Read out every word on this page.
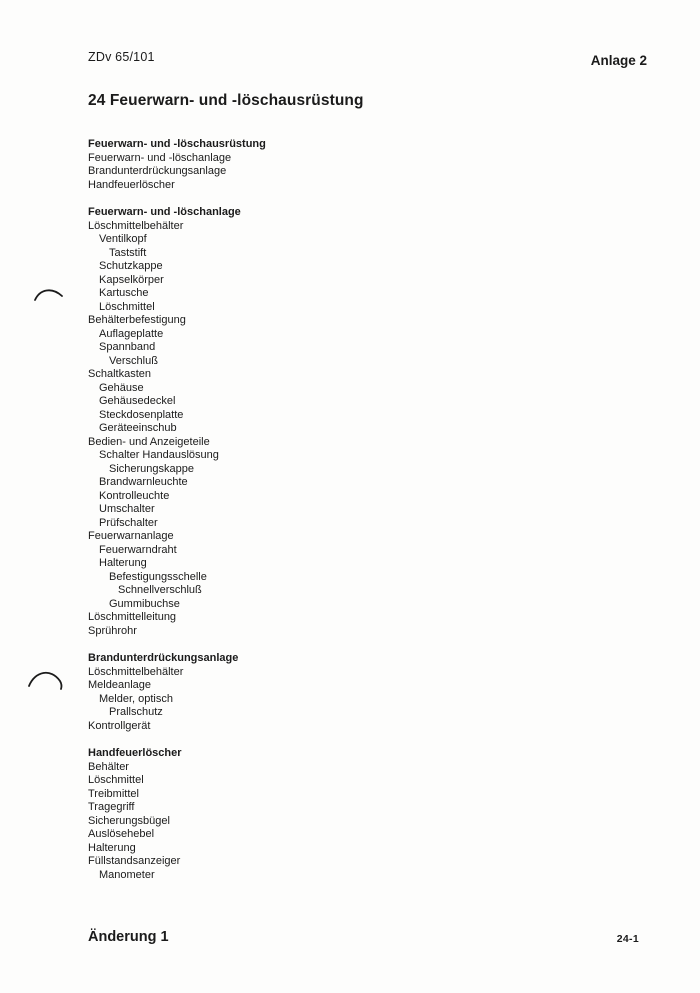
ZDv 65/101	Anlage 2
24 Feuerwarn- und -löschausrüstung
Feuerwarn- und -löschausrüstung
Feuerwarn- und -löschanlage
Brandunterdrückungsanlage
Handfeuerlöscher
Feuerwarn- und -löschanlage
Löschmittelbehälter
Ventilkopf
Taststift
Schutzkappe
Kapselkörper
Kartusche
Löschmittel
Behälterbefestigung
Auflageplatte
Spannband
Verschluß
Schaltkasten
Gehäuse
Gehäusedeckel
Steckdosenplatte
Geräteeinschub
Bedien- und Anzeigeteile
Schalter Handauslösung
Sicherungskappe
Brandwarnleuchte
Kontrolleuchte
Umschalter
Prüfschalter
Feuerwarnanlage
Feuerwarndraht
Halterung
Befestigungsschelle
Schnellverschluß
Gummibuchse
Löschmittelleitung
Sprührohr
Brandunterdrückungsanlage
Löschmittelbehälter
Meldeanlage
Melder, optisch
Prallschutz
Kontrollgerät
Handfeuerlöscher
Behälter
Löschmittel
Treibmittel
Tragegriff
Sicherungsbügel
Auslösehebel
Halterung
Füllstandsanzeiger
Manometer
Änderung 1	24-1
